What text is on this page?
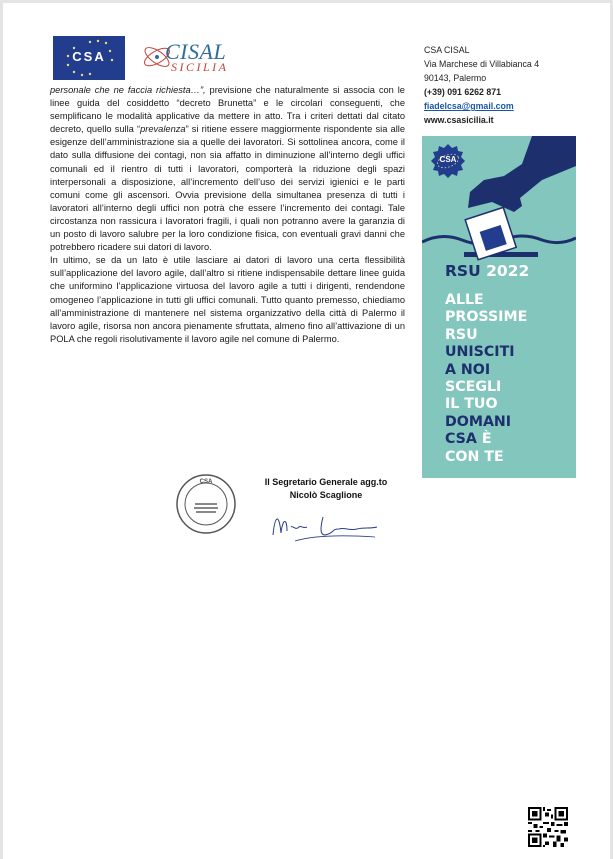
CSA	CISAL
SICILIA
CSA CISAL
Via Marchese di Villabianca 4
90143, Palermo
(+39) 091 6262 871
fiadelcsa@gmail.com
www.csasicilia.it

personale che ne faccia richiesta…”, previsione che naturalmente si associa con le linee guida del cosiddetto “decreto Brunetta” e le circolari conseguenti, che semplificano le modalità applicative da mettere in atto. Tra i criteri dettati dal citato decreto, quello sulla “prevalenza” si ritiene essere maggiormente rispondente sia alle esigenze dell’amministrazione sia a quelle dei lavoratori. Si sottolinea ancora, come il dato sulla diffusione dei contagi, non sia affatto in diminuzione all’interno degli uffici comunali ed il rientro di tutti i lavoratori, comporterà la riduzione degli spazi interpersonali a disposizione, all’incremento dell’uso dei servizi igienici e le parti comuni come gli ascensori. Ovvia previsione della simultanea presenza di tutti i lavoratori all’interno degli uffici non potrà che essere l’incremento dei contagi. Tale circostanza non rassicura i lavoratori fragili, i quali non potranno avere la garanzia di un posto di lavoro salubre per la loro condizione fisica, con eventuali gravi danni che potrebbero ricadere sui datori di lavoro.

In ultimo, se da un lato è utile lasciare ai datori di lavoro una certa flessibilità sull’applicazione del lavoro agile, dall’altro si ritiene indispensabile dettare linee guida che uniformino l’applicazione virtuosa del lavoro agile a tutti i dirigenti, rendendone omogeneo l’applicazione in tutti gli uffici comunali. Tutto quanto premesso, chiediamo all’amministrazione di mantenere nel sistema organizzativo della città di Palermo il lavoro agile, risorsa non ancora pienamente sfruttata, almeno fino all’attivazione di un POLA che regoli risolutivamente il lavoro agile nel comune di Palermo.

CSA
RSU 2022
ALLE
PROSSIME
RSU
UNISCITI
A NOI
SCEGLI
IL TUO
DOMANI
CSA È
CON TE
CSA	Il Segretario Generale agg.to
Nicolò Scaglione
